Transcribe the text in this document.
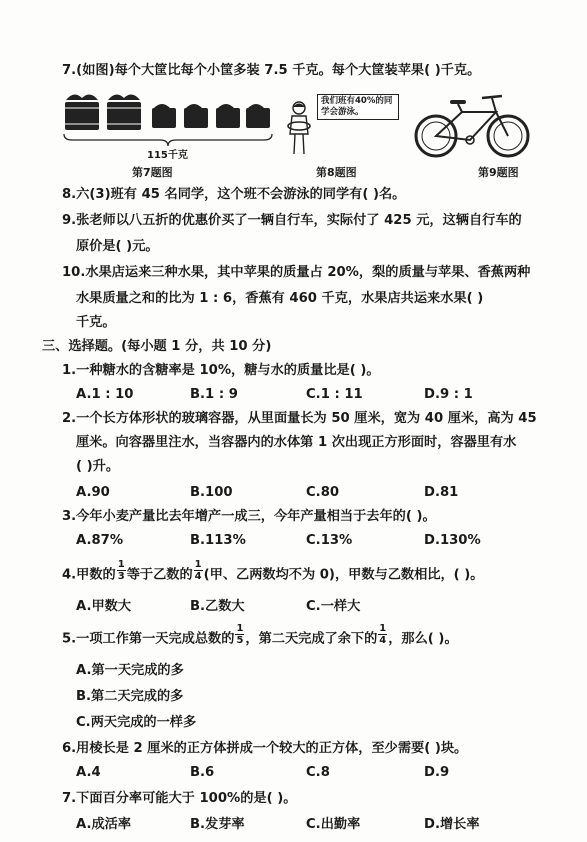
7.(如图)每个大筐比每个小筐多装 7.5 千克。每个大筐装苹果( )千克。
115千克
我们班有40%的同学会游泳。
第7题图	第8题图	第9题图
8.六(3)班有 45 名同学，这个班不会游泳的同学有( )名。
9.张老师以八五折的优惠价买了一辆自行车，实际付了 425 元，这辆自行车的
原价是( )元。
10.水果店运来三种水果，其中苹果的质量占 20%，梨的质量与苹果、香蕉两种
水果质量之和的比为 1 : 6，香蕉有 460 千克，水果店共运来水果( )
千克。
三、选择题。(每小题 1 分，共 10 分)
1.一种糖水的含糖率是 10%，糖与水的质量比是( )。
A.1 : 10	B.1 : 9	C.1 : 11	D.9 : 1
2.一个长方体形状的玻璃容器，从里面量长为 50 厘米，宽为 40 厘米，高为 45
厘米。向容器里注水，当容器内的水体第 1 次出现正方形面时，容器里有水
( )升。
A.90	B.100	C.80	D.81
3.今年小麦产量比去年增产一成三，今年产量相当于去年的( )。
A.87%	B.113%	C.13%	D.130%
4.甲数的 $\frac{1}{3}$ 等于乙数的 $\frac{1}{4}$ (甲、乙两数均不为 0)，甲数与乙数相比，( )。
A.甲数大	B.乙数大	C.一样大
5.一项工作第一天完成总数的 $\frac{1}{5}$ ，第二天完成了余下的 $\frac{1}{4}$ ，那么( )。
A.第一天完成的多
B.第二天完成的多
C.两天完成的一样多
6.用棱长是 2 厘米的正方体拼成一个较大的正方体，至少需要( )块。
A.4	B.6	C.8	D.9
7.下面百分率可能大于 100%的是( )。
A.成活率	B.发芽率	C.出勤率	D.增长率
